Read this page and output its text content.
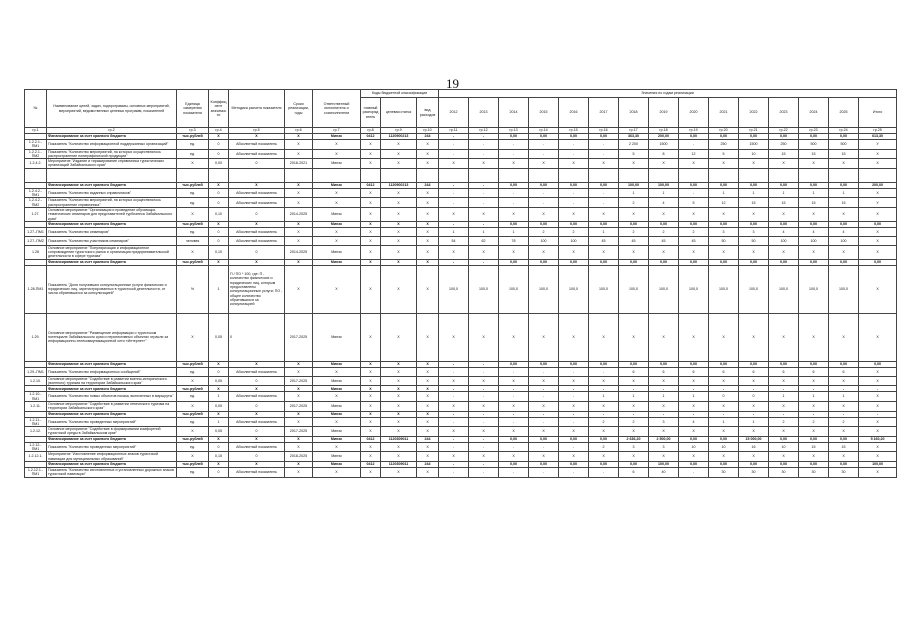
19
№	Наименование целей, задач, подпрограммы, основных мероприятий, мероприятий, ведомственных целевых программ, показателей	Единица измерения показателя	Коэффициент значимости	Методика расчета показателя	Сроки реализации, годы	Ответственный исполнитель и соисполнители	Коды бюджетной классификации			Значения по годам реализации														
							главный распорядитель	целевая статья	вид расходов	2012	2013	2014	2015	2016	2017	2018	2019	2020	2021	2022	2023	2024	2025	Итого
гр.1	гр.2	гр.3	гр.4	гр.5	гр.6	гр.7	гр.8	гр.9	гр.10	гр.11	гр.12	гр.13	гр.14	гр.15	гр.16	гр.17	гр.18	гр.19	гр.20	гр.21	гр.22	гр.23	гр.24	гр.25
	Финансирование за счет краевого бюджета	тыс.рублей	Х	Х	Х	Минэк	0412	1120900213	244	-	-	0,00	0,00	0,00	0,00	363,30	200,00	0,00	0,00	0,00	0,00	0,00	0,00	613,30
1.2.2.1.-ПМ1	Показатель "Количество информационной поддержанных организаций"	ед.	0	Абсолютный показатель	Х	Х	Х	Х	Х	-	-	-	-	-	-	2 200	1500	-	250	1500	250	500	500	У
1.2.2.1.-ПМ2	Показатель "Количество мероприятий, на которых осуществлялось распространение полиграфической продукции"	ед.	0	Абсолютный показатель	Х	Х	Х	Х	Х	-	-	-	-	-	-	5	8	12	5	10	15	15	15	Х
1.2.4.2.	Мероприятие "Издание и тиражирование справочника туристических организаций Забайкальского края"	Х	0,00	0	2018-2021	Минэк	Х	Х	Х	Х	Х	Х	Х	Х	Х	Х	Х	Х	Х	Х	Х	Х	Х	Х

	Финансирование за счет краевого бюджета	тыс.рублей	Х	Х	Х	Минэк	0412	1120900213	244	-	-	0,00	0,00	0,00	0,00	100,00	100,00	0,00	0,00	0,00	0,00	0,00	0,00	200,00
1.2.4.2.-ПМ1	Показатель "Количество изданных справочников"	ед.	0	Абсолютный показатель	Х	Х	Х	Х	Х	-	-	-	-	-	-	1	1	-	1	1	1	1	1	Х
1.2.4.2.-ПМ2	Показатель "Количество мероприятий, на которых осуществлялось распространение справочника"	ед.	0	Абсолютный показатель	Х	Х	Х	Х	Х	-	-	-	-	-	-	2	4	5	12	15	15	15	15	У
1.27.	Основное мероприятие "Организация и проведение обучающих тематических семинаров для представителей турбизнеса Забайкальского края"	Х	0,10	0	2014-2025	Минэк	Х	Х	Х	Х	Х	Х	Х	Х	Х	Х	Х	Х	Х	Х	Х	Х	Х	Х
	Финансирование за счет краевого бюджета	тыс.рублей	Х	Х	Х	Минэк	Х	Х	Х	-	-	0,00	0,00	0,00	0,00	0,00	0,00	0,00	0,00	0,00	0,00	0,00	0,00	0,00
1.27.-ПМ1	Показатель "Количество семинаров"	ед.	0	Абсолютный показатель	Х	Х	Х	Х	Х	1	1	1	2	2	1	2	2	2	3	3	4	4	4	Х
1.27.-ПМ2	Показатель "Количество участников семинаров"	человек	0	Абсолютный показатель	Х	Х	Х	Х	Х	54	62	78	100	100	45	45	45	45	50	50	100	100	100	Х
1.28	Основное мероприятие "Популяризация и информационное сопровождение туристского рынка и организация предпринимательской деятельности в сфере туризма"	Х	0,10	0	2014-2025	Минэк	Х	Х	Х	Х	Х	Х	Х	Х	Х	Х	Х	Х	Х	Х	Х	Х	Х	Х
	Финансирование за счет краевого бюджета	тыс.рублей	Х	Х	Х	Минэк	Х	Х	Х	-	-	0,00	0,00	0,00	0,00	0,00	0,00	0,00	0,00	0,00	0,00	0,00	0,00	0,00
1.28-ПМ1	Показатель "Доля получивших консультационные услуги физических и юридических лиц, зарегистрированных в туристской деятельности, от числа обратившихся за консультацией"	%	1	П / ПО * 100, где: П - количество физических и юридических лиц, которым предоставлены консультационные услуги; ПО - общее количество обратившихся за консультацией	Х	Х	Х	Х	Х	100,0	100,0	100,0	100,0	100,0	100,0	100,0	100,0	100,0	100,0	100,0	100,0	100,0	100,0	Х
1.29.	Основное мероприятие "Размещение информации о туристском потенциале Забайкальского края и перспективных объектах отрасли за информационно-телекоммуникационной сети «Интернет»"	Х	0,05	0	2017-2025	Минэк	Х	Х	Х	Х	Х	Х	Х	Х	Х	Х	Х	Х	Х	Х	Х	Х	Х	Х
	Финансирование за счет краевого бюджета	тыс.рублей	Х	Х	Х	Минэк	Х	Х	Х	-	-	0,00	0,00	0,00	0,00	0,00	0,00	0,00	0,00	0,00	0,00	0,00	0,00	0,00
1.29.-ПМ1	Показатель "Количество информационных сообщений"	ед.	0	Абсолютный показатель	Х	Х	Х	Х	Х	-	-	-	-	-	-	6	6	6	6	6	6	6	6	Х
1.2.10.	Основное мероприятие "Содействие в развитии военно-исторического (военного) туризма на территории Забайкальского края"	Х	0,05	0	2017-2025	Минэк	Х	Х	Х	Х	Х	Х	Х	Х	Х	Х	Х	Х	Х	Х	Х	Х	Х	Х
	Финансирование за счет краевого бюджета	тыс.рублей	Х	Х	Х	Минэк	Х	Х	Х	-	-	-	-	-	-	-	-	-	-	-	-	-	-	-
1.2.10.-ПМ1	Показатель "Количество новых объектов показа, включенных в маршруты"	ед.	1	Абсолютный показатель	Х	Х	Х	Х	Х	-	-	-	-	-	1	1	1	1	0	0	1	1	1	Х
1.2.11.	Основное мероприятие "Содействие в развитии этнического туризма на территории Забайкальского края"	Х	0,05	0	2017-2025	Минэк	Х	Х	Х	Х	Х	Х	Х	Х	Х	Х	Х	Х	Х	Х	Х	Х	Х	Х
	Финансирование за счет краевого бюджета	тыс.рублей	Х	Х	Х	Минэк	Х	Х	Х	-	-	-	-	-	-	-	-	-	-	-	-	-	-	-
1.2.11.-ПМ1	Показатель "Количество проведенных мероприятий"	ед.	1	Абсолютный показатель	Х	Х	Х	Х	Х	-	-	-	-	-	2	2	3	4	1	1	2	2	2	Х
1.2.12.	Основное мероприятие "Содействие в формировании комфортной туристской среды в Забайкальском крае"	Х	0,05	0	2017-2025	Минэк	Х	Х	Х	Х	Х	Х	Х	Х	Х	Х	Х	Х	Х	Х	Х	Х	Х	Х
	Финансирование за счет краевого бюджета	тыс.рублей	Х	Х	Х	Минэк	0412	1120309011	244	-	-	0,00	0,00	0,00	0,00	2 636,20	2 500,00	0,00	0,00	15 000,00	0,00	0,00	0,00	5 160,20
1.2.12.-ПМ1	Показатель "Количество проведенных мероприятий"	ед.	0	Абсолютный показатель	Х	Х	Х	Х	Х	-	-	-	-	-	2	3	3	10	10	16	10	15	15	Х
1.2.12.1.	Мероприятие "Изготовление информационных знаков туристской навигации для муниципальных образований"	Х	0,15	0	2018-2025	Минэк	Х	Х	Х	Х	Х	Х	Х	Х	Х	Х	Х	Х	Х	Х	Х	Х	Х	Х
	Финансирование за счет краевого бюджета	тыс.рублей	Х	Х	Х	Минэк	0412	1120309011	244	-	-	0,00	0,00	0,00	0,00	0,00	100,00	0,00	0,00	0,00	0,00	0,00	0,00	100,00
1.2.12.1.-ПМ1	Показатель "Количество изготовленных и установленных дорожных знаков туристской навигации"	ед.	0	Абсолютный показатель	Х	Х	Х	Х	Х	-	-	-	-	-	-	6	40	-	30	30	30	30	30	Х
